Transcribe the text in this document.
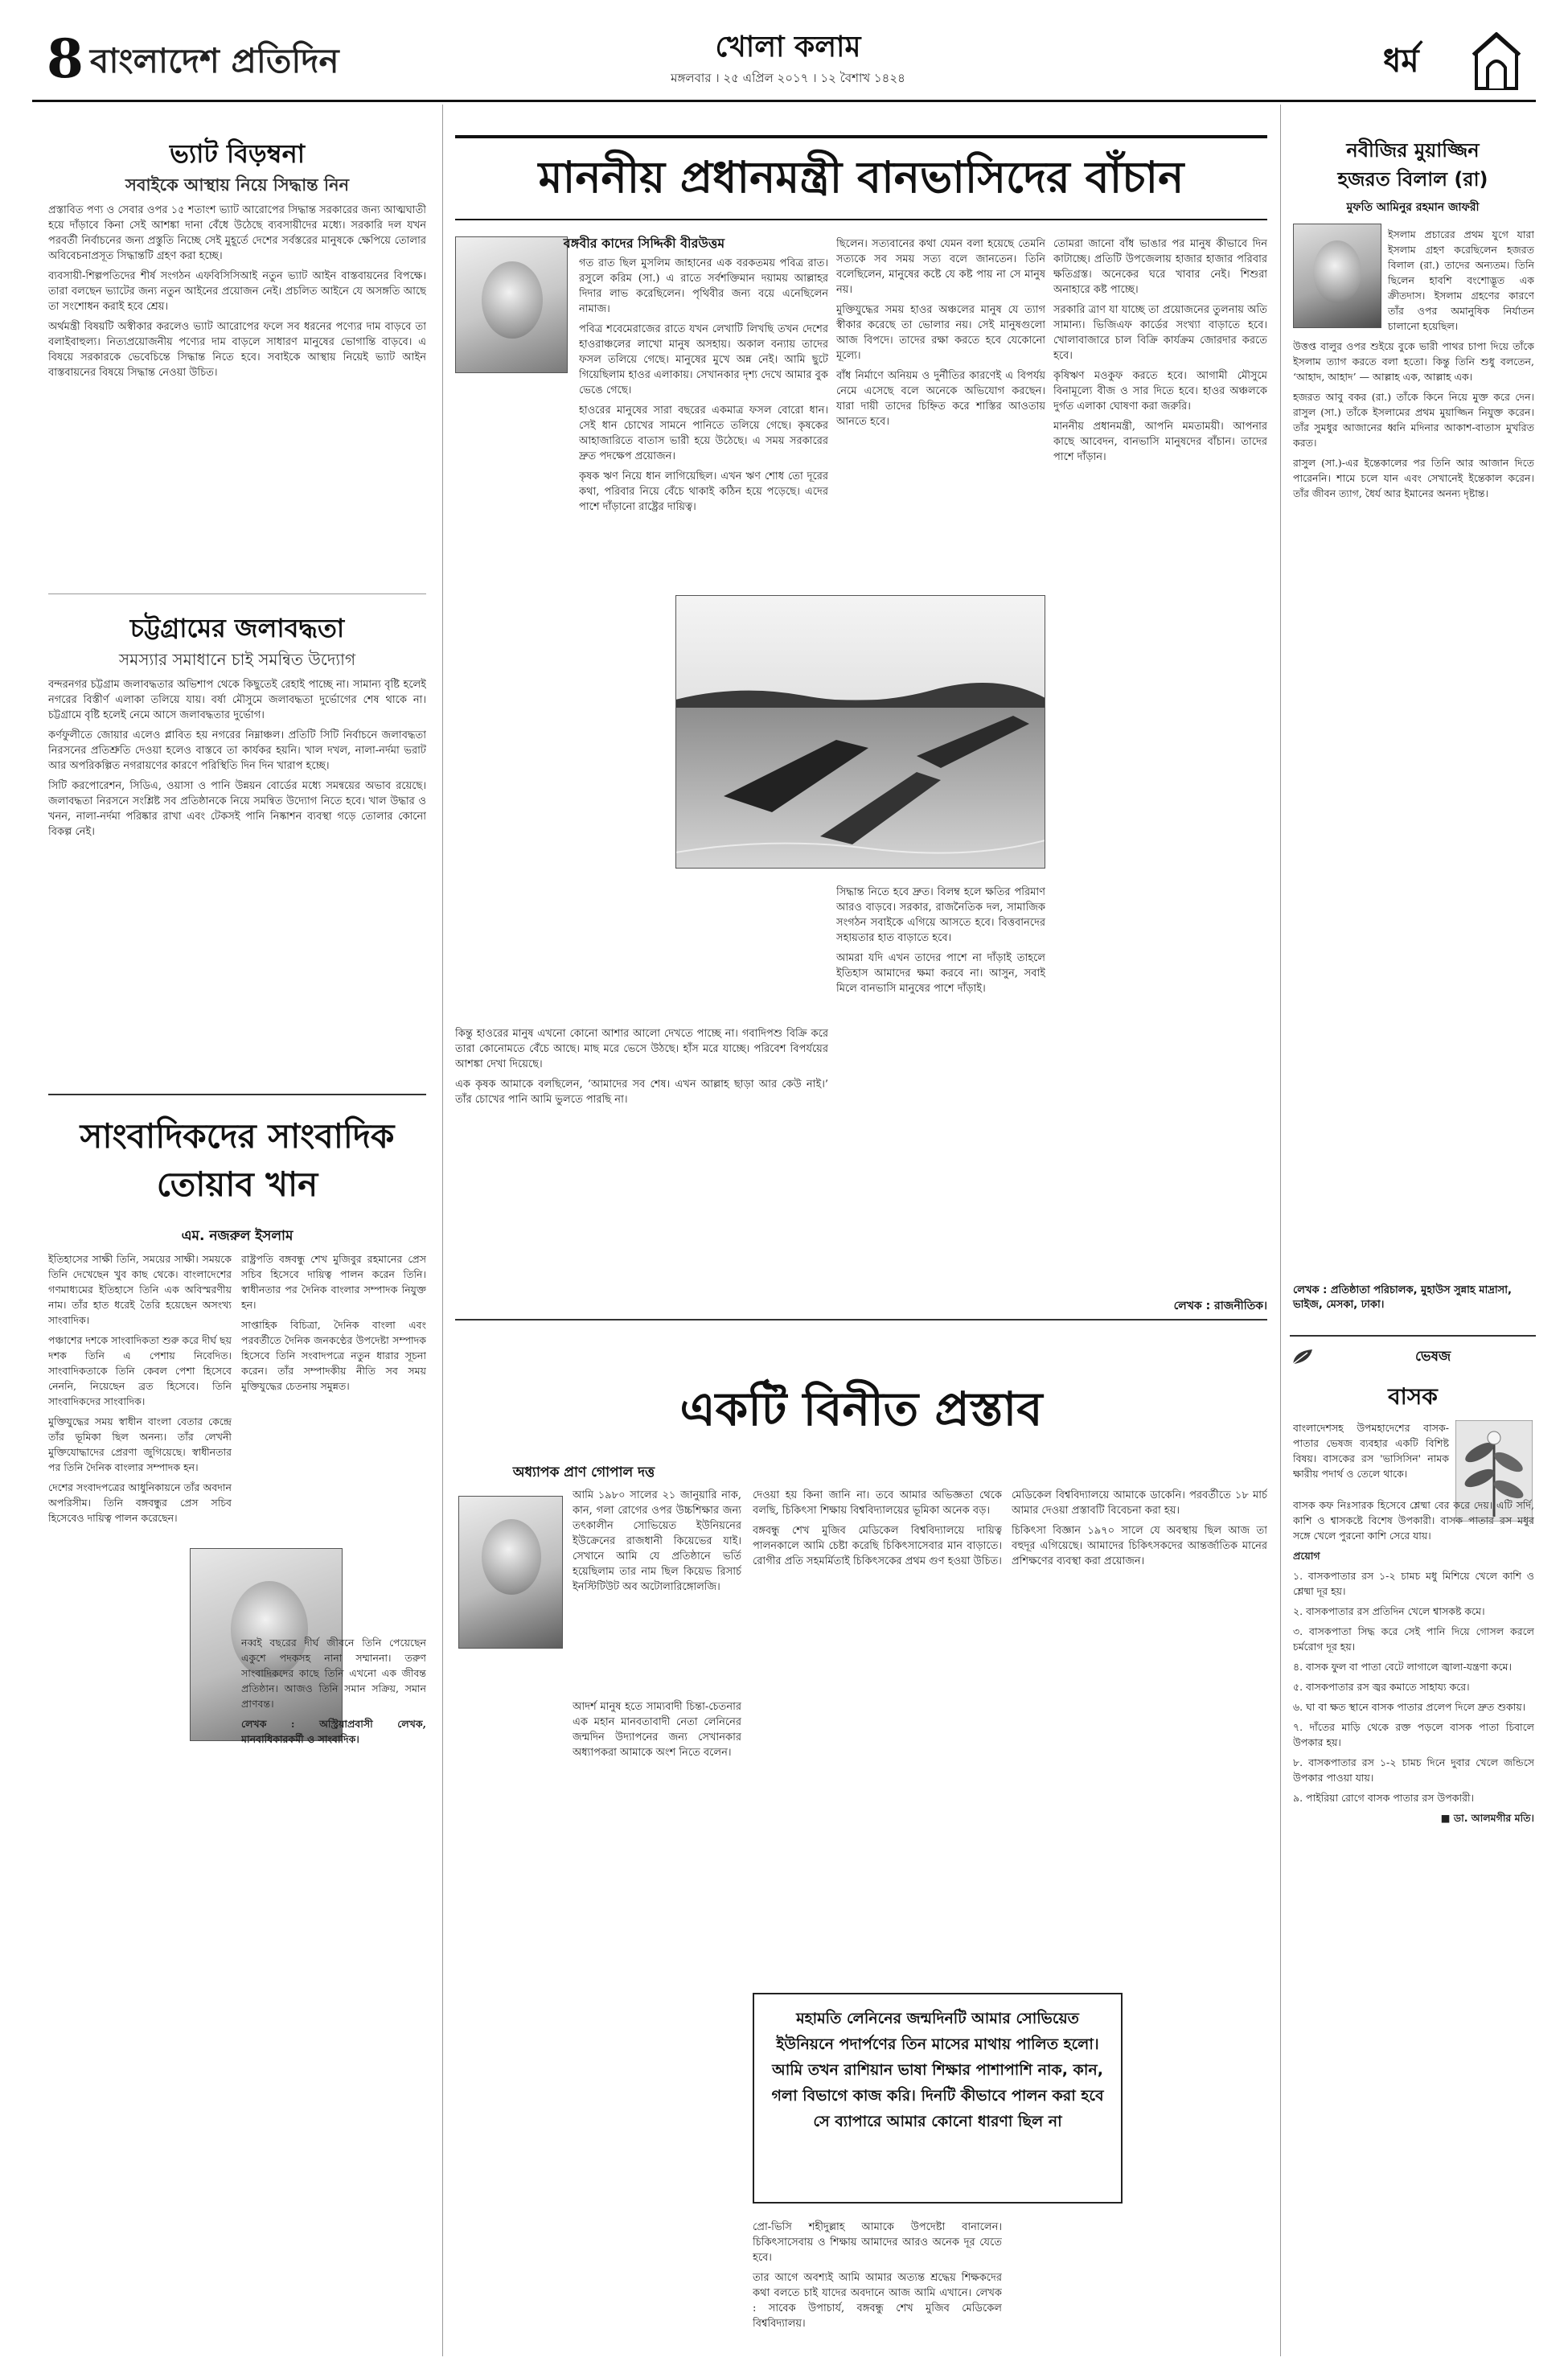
8 বাংলাদেশ প্রতিদিন	খোলা কলাম
মঙ্গলবার । ২৫ এপ্রিল ২০১৭ । ১২ বৈশাখ ১৪২৪	ধর্ম
ভ্যাট বিড়ম্বনা
সবাইকে আস্থায় নিয়ে সিদ্ধান্ত নিন

প্রস্তাবিত পণ্য ও সেবার ওপর ১৫ শতাংশ ভ্যাট আরোপের সিদ্ধান্ত সরকারের জন্য আত্মঘাতী হয়ে দাঁড়াবে কিনা সেই আশঙ্কা দানা বেঁধে উঠেছে ব্যবসায়ীদের মধ্যে। সরকারি দল যখন পরবর্তী নির্বাচনের জন্য প্রস্তুতি নিচ্ছে সেই মুহূর্তে দেশের সর্বস্তরের মানুষকে ক্ষেপিয়ে তোলার অবিবেচনাপ্রসূত সিদ্ধান্তটি গ্রহণ করা হচ্ছে।

ব্যবসায়ী-শিল্পপতিদের শীর্ষ সংগঠন এফবিসিসিআই নতুন ভ্যাট আইন বাস্তবায়নের বিপক্ষে। তারা বলছেন ভ্যাটের জন্য নতুন আইনের প্রয়োজন নেই। প্রচলিত আইনে যে অসঙ্গতি আছে তা সংশোধন করাই হবে শ্রেয়।

অর্থমন্ত্রী বিষয়টি অস্বীকার করলেও ভ্যাট আরোপের ফলে সব ধরনের পণ্যের দাম বাড়বে তা বলাইবাহুল্য। নিত্যপ্রয়োজনীয় পণ্যের দাম বাড়লে সাধারণ মানুষের ভোগান্তি বাড়বে। এ বিষয়ে সরকারকে ভেবেচিন্তে সিদ্ধান্ত নিতে হবে। সবাইকে আস্থায় নিয়েই ভ্যাট আইন বাস্তবায়নের বিষয়ে সিদ্ধান্ত নেওয়া উচিত।

চট্টগ্রামের জলাবদ্ধতা
সমস্যার সমাধানে চাই সমন্বিত উদ্যোগ

বন্দরনগর চট্টগ্রাম জলাবদ্ধতার অভিশাপ থেকে কিছুতেই রেহাই পাচ্ছে না। সামান্য বৃষ্টি হলেই নগরের বিস্তীর্ণ এলাকা তলিয়ে যায়। বর্ষা মৌসুমে জলাবদ্ধতা দুর্ভোগের শেষ থাকে না। চট্টগ্রামে বৃষ্টি হলেই নেমে আসে জলাবদ্ধতার দুর্ভোগ।

কর্ণফুলীতে জোয়ার এলেও প্লাবিত হয় নগরের নিম্নাঞ্চল। প্রতিটি সিটি নির্বাচনে জলাবদ্ধতা নিরসনের প্রতিশ্রুতি দেওয়া হলেও বাস্তবে তা কার্যকর হয়নি। খাল দখল, নালা-নর্দমা ভরাট আর অপরিকল্পিত নগরায়ণের কারণে পরিস্থিতি দিন দিন খারাপ হচ্ছে।

সিটি করপোরেশন, সিডিএ, ওয়াসা ও পানি উন্নয়ন বোর্ডের মধ্যে সমন্বয়ের অভাব রয়েছে। জলাবদ্ধতা নিরসনে সংশ্লিষ্ট সব প্রতিষ্ঠানকে নিয়ে সমন্বিত উদ্যোগ নিতে হবে। খাল উদ্ধার ও খনন, নালা-নর্দমা পরিষ্কার রাখা এবং টেকসই পানি নিষ্কাশন ব্যবস্থা গড়ে তোলার কোনো বিকল্প নেই।

সাংবাদিকদের সাংবাদিক
তোয়াব খান
এম. নজরুল ইসলাম

ইতিহাসের সাক্ষী তিনি, সময়ের সাক্ষী। সময়কে তিনি দেখেছেন খুব কাছ থেকে। বাংলাদেশের গণমাধ্যমের ইতিহাসে তিনি এক অবিস্মরণীয় নাম। তাঁর হাত ধরেই তৈরি হয়েছেন অসংখ্য সাংবাদিক।

পঞ্চাশের দশকে সাংবাদিকতা শুরু করে দীর্ঘ ছয় দশক তিনি এ পেশায় নিবেদিত। সাংবাদিকতাকে তিনি কেবল পেশা হিসেবে নেননি, নিয়েছেন ব্রত হিসেবে। তিনি সাংবাদিকদের সাংবাদিক।

মুক্তিযুদ্ধের সময় স্বাধীন বাংলা বেতার কেন্দ্রে তাঁর ভূমিকা ছিল অনন্য। তাঁর লেখনী মুক্তিযোদ্ধাদের প্রেরণা জুগিয়েছে। স্বাধীনতার পর তিনি দৈনিক বাংলার সম্পাদক হন।

দেশের সংবাদপত্রের আধুনিকায়নে তাঁর অবদান অপরিসীম। তিনি বঙ্গবন্ধুর প্রেস সচিব হিসেবেও দায়িত্ব পালন করেছেন।

রাষ্ট্রপতি বঙ্গবন্ধু শেখ মুজিবুর রহমানের প্রেস সচিব হিসেবে দায়িত্ব পালন করেন তিনি। স্বাধীনতার পর দৈনিক বাংলার সম্পাদক নিযুক্ত হন।

সাপ্তাহিক বিচিত্রা, দৈনিক বাংলা এবং পরবর্তীতে দৈনিক জনকণ্ঠের উপদেষ্টা সম্পাদক হিসেবে তিনি সংবাদপত্রে নতুন ধারার সূচনা করেন। তাঁর সম্পাদকীয় নীতি সব সময় মুক্তিযুদ্ধের চেতনায় সমুন্নত।

নব্বই বছরের দীর্ঘ জীবনে তিনি পেয়েছেন একুশে পদকসহ নানা সম্মাননা। তরুণ সাংবাদিকদের কাছে তিনি এখনো এক জীবন্ত প্রতিষ্ঠান। আজও তিনি সমান সক্রিয়, সমান প্রাণবন্ত।

লেখক : অস্ট্রিয়াপ্রবাসী লেখক, মানবাধিকারকর্মী ও সাংবাদিক।

মাননীয় প্রধানমন্ত্রী বানভাসিদের বাঁচান
বঙ্গবীর কাদের সিদ্দিকী বীরউত্তম

গত রাত ছিল মুসলিম জাহানের এক বরকতময় পবিত্র রাত। রসুলে করিম (সা.) এ রাতে সর্বশক্তিমান দয়াময় আল্লাহর দিদার লাভ করেছিলেন। পৃথিবীর জন্য বয়ে এনেছিলেন নামাজ।

পবিত্র শবেমেরাজের রাতে যখন লেখাটি লিখছি তখন দেশের হাওরাঞ্চলের লাখো মানুষ অসহায়। অকাল বন্যায় তাদের ফসল তলিয়ে গেছে। মানুষের মুখে অন্ন নেই। আমি ছুটে গিয়েছিলাম হাওর এলাকায়। সেখানকার দৃশ্য দেখে আমার বুক ভেঙে গেছে।

হাওরের মানুষের সারা বছরের একমাত্র ফসল বোরো ধান। সেই ধান চোখের সামনে পানিতে তলিয়ে গেছে। কৃষকের আহাজারিতে বাতাস ভারী হয়ে উঠেছে। এ সময় সরকারের দ্রুত পদক্ষেপ প্রয়োজন।

কৃষক ঋণ নিয়ে ধান লাগিয়েছিল। এখন ঋণ শোধ তো দূরের কথা, পরিবার নিয়ে বেঁচে থাকাই কঠিন হয়ে পড়েছে। এদের পাশে দাঁড়ানো রাষ্ট্রের দায়িত্ব।

ছিলেন। সত্যবানের কথা যেমন বলা হয়েছে তেমনি সত্যকে সব সময় সত্য বলে জানতেন। তিনি বলেছিলেন, মানুষের কষ্টে যে কষ্ট পায় না সে মানুষ নয়।

মুক্তিযুদ্ধের সময় হাওর অঞ্চলের মানুষ যে ত্যাগ স্বীকার করেছে তা ভোলার নয়। সেই মানুষগুলো আজ বিপদে। তাদের রক্ষা করতে হবে যেকোনো মূল্যে।

বাঁধ নির্মাণে অনিয়ম ও দুর্নীতির কারণেই এ বিপর্যয় নেমে এসেছে বলে অনেকে অভিযোগ করছেন। যারা দায়ী তাদের চিহ্নিত করে শাস্তির আওতায় আনতে হবে।

তোমরা জানো বাঁধ ভাঙার পর মানুষ কীভাবে দিন কাটাচ্ছে। প্রতিটি উপজেলায় হাজার হাজার পরিবার ক্ষতিগ্রস্ত। অনেকের ঘরে খাবার নেই। শিশুরা অনাহারে কষ্ট পাচ্ছে।

সরকারি ত্রাণ যা যাচ্ছে তা প্রয়োজনের তুলনায় অতি সামান্য। ভিজিএফ কার্ডের সংখ্যা বাড়াতে হবে। খোলাবাজারে চাল বিক্রি কার্যক্রম জোরদার করতে হবে।

কৃষিঋণ মওকুফ করতে হবে। আগামী মৌসুমে বিনামূল্যে বীজ ও সার দিতে হবে। হাওর অঞ্চলকে দুর্গত এলাকা ঘোষণা করা জরুরি।

মাননীয় প্রধানমন্ত্রী, আপনি মমতাময়ী। আপনার কাছে আবেদন, বানভাসি মানুষদের বাঁচান। তাদের পাশে দাঁড়ান।

কিন্তু হাওরের মানুষ এখনো কোনো আশার আলো দেখতে পাচ্ছে না। গবাদিপশু বিক্রি করে তারা কোনোমতে বেঁচে আছে। মাছ মরে ভেসে উঠছে। হাঁস মরে যাচ্ছে। পরিবেশ বিপর্যয়ের আশঙ্কা দেখা দিয়েছে।

এক কৃষক আমাকে বলছিলেন, ‘আমাদের সব শেষ। এখন আল্লাহ ছাড়া আর কেউ নাই।’ তাঁর চোখের পানি আমি ভুলতে পারছি না।

সিদ্ধান্ত নিতে হবে দ্রুত। বিলম্ব হলে ক্ষতির পরিমাণ আরও বাড়বে। সরকার, রাজনৈতিক দল, সামাজিক সংগঠন সবাইকে এগিয়ে আসতে হবে। বিত্তবানদের সহায়তার হাত বাড়াতে হবে।

আমরা যদি এখন তাদের পাশে না দাঁড়াই তাহলে ইতিহাস আমাদের ক্ষমা করবে না। আসুন, সবাই মিলে বানভাসি মানুষের পাশে দাঁড়াই।

লেখক : রাজনীতিক।
একটি বিনীত প্রস্তাব
অধ্যাপক প্রাণ গোপাল দত্ত

আমি ১৯৮০ সালের ২১ জানুয়ারি নাক, কান, গলা রোগের ওপর উচ্চশিক্ষার জন্য তৎকালীন সোভিয়েত ইউনিয়নের ইউক্রেনের রাজধানী কিয়েভের যাই। সেখানে আমি যে প্রতিষ্ঠানে ভর্তি হয়েছিলাম তার নাম ছিল কিয়েভ রিসার্চ ইনস্টিটিউট অব অটোলারিঙ্গোলজি।

আদর্শ মানুষ হতে সাম্যবাদী চিন্তা-চেতনার এক মহান মানবতাবাদী নেতা লেনিনের জন্মদিন উদ্যাপনের জন্য সেখানকার অধ্যাপকরা আমাকে অংশ নিতে বলেন।

দেওয়া হয় কিনা জানি না। তবে আমার অভিজ্ঞতা থেকে বলছি, চিকিৎসা শিক্ষায় বিশ্ববিদ্যালয়ের ভূমিকা অনেক বড়।

বঙ্গবন্ধু শেখ মুজিব মেডিকেল বিশ্ববিদ্যালয়ে দায়িত্ব পালনকালে আমি চেষ্টা করেছি চিকিৎসাসেবার মান বাড়াতে। রোগীর প্রতি সহমর্মিতাই চিকিৎসকের প্রথম গুণ হওয়া উচিত।

মেডিকেল বিশ্ববিদ্যালয়ে আমাকে ডাকেনি। পরবর্তীতে ১৮ মার্চ আমার দেওয়া প্রস্তাবটি বিবেচনা করা হয়।

চিকিৎসা বিজ্ঞান ১৯৭০ সালে যে অবস্থায় ছিল আজ তা বহুদূর এগিয়েছে। আমাদের চিকিৎসকদের আন্তর্জাতিক মানের প্রশিক্ষণের ব্যবস্থা করা প্রয়োজন।

মহামতি লেনিনের জন্মদিনটি আমার সোভিয়েত ইউনিয়নে পদার্পণের তিন মাসের মাথায় পালিত হলো। আমি তখন রাশিয়ান ভাষা শিক্ষার পাশাপাশি নাক, কান, গলা বিভাগে কাজ করি। দিনটি কীভাবে পালন করা হবে সে ব্যাপারে আমার কোনো ধারণা ছিল না

প্রো-ভিসি শহীদুল্লাহ আমাকে উপদেষ্টা বানালেন। চিকিৎসাসেবায় ও শিক্ষায় আমাদের আরও অনেক দূর যেতে হবে।

তার আগে অবশ্যই আমি আমার অত্যন্ত শ্রদ্ধেয় শিক্ষকদের কথা বলতে চাই যাদের অবদানে আজ আমি এখানে। লেখক : সাবেক উপাচার্য, বঙ্গবন্ধু শেখ মুজিব মেডিকেল বিশ্ববিদ্যালয়।

নবীজির মুয়াজ্জিন
হজরত বিলাল (রা)
মুফতি আমিনুর রহমান জাফরী

ইসলাম প্রচারের প্রথম যুগে যারা ইসলাম গ্রহণ করেছিলেন হজরত বিলাল (রা.) তাদের অন্যতম। তিনি ছিলেন হাবশি বংশোদ্ভূত এক ক্রীতদাস। ইসলাম গ্রহণের কারণে তাঁর ওপর অমানুষিক নির্যাতন চালানো হয়েছিল।

উত্তপ্ত বালুর ওপর শুইয়ে বুকে ভারী পাথর চাপা দিয়ে তাঁকে ইসলাম ত্যাগ করতে বলা হতো। কিন্তু তিনি শুধু বলতেন, ‘আহাদ, আহাদ’ — আল্লাহ এক, আল্লাহ এক।

হজরত আবু বকর (রা.) তাঁকে কিনে নিয়ে মুক্ত করে দেন। রাসুল (সা.) তাঁকে ইসলামের প্রথম মুয়াজ্জিন নিযুক্ত করেন। তাঁর সুমধুর আজানের ধ্বনি মদিনার আকাশ-বাতাস মুখরিত করত।

রাসুল (সা.)-এর ইন্তেকালের পর তিনি আর আজান দিতে পারেননি। শামে চলে যান এবং সেখানেই ইন্তেকাল করেন। তাঁর জীবন ত্যাগ, ধৈর্য আর ইমানের অনন্য দৃষ্টান্ত।

লেখক : প্রতিষ্ঠাতা পরিচালক, মুহাউস সুন্নাহ মাদ্রাসা, ভাইজ, মেসকা, ঢাকা।
ভেষজ
বাসক

বাংলাদেশসহ উপমহাদেশের বাসক-পাতার ভেষজ ব্যবহার একটি বিশিষ্ট বিষয়। বাসকের রস 'ভাসিসিন' নামক ক্ষারীয় পদার্থ ও তেলে থাকে।

বাসক কফ নিঃসারক হিসেবে শ্লেষ্মা বের করে দেয়। এটি সর্দি, কাশি ও শ্বাসকষ্টে বিশেষ উপকারী। বাসক পাতার রস মধুর সঙ্গে খেলে পুরনো কাশি সেরে যায়।

প্রয়োগ

১. বাসকপাতার রস ১-২ চামচ মধু মিশিয়ে খেলে কাশি ও শ্লেষ্মা দূর হয়।

২. বাসকপাতার রস প্রতিদিন খেলে শ্বাসকষ্ট কমে।

৩. বাসকপাতা সিদ্ধ করে সেই পানি দিয়ে গোসল করলে চর্মরোগ দূর হয়।

৪. বাসক ফুল বা পাতা বেটে লাগালে জ্বালা-যন্ত্রণা কমে।

৫. বাসকপাতার রস জ্বর কমাতে সাহায্য করে।

৬. ঘা বা ক্ষত স্থানে বাসক পাতার প্রলেপ দিলে দ্রুত শুকায়।

৭. দাঁতের মাড়ি থেকে রক্ত পড়লে বাসক পাতা চিবালে উপকার হয়।

৮. বাসকপাতার রস ১-২ চামচ দিনে দুবার খেলে জন্ডিসে উপকার পাওয়া যায়।

৯. পাইরিয়া রোগে বাসক পাতার রস উপকারী।

■ ডা. আলমগীর মতি।
